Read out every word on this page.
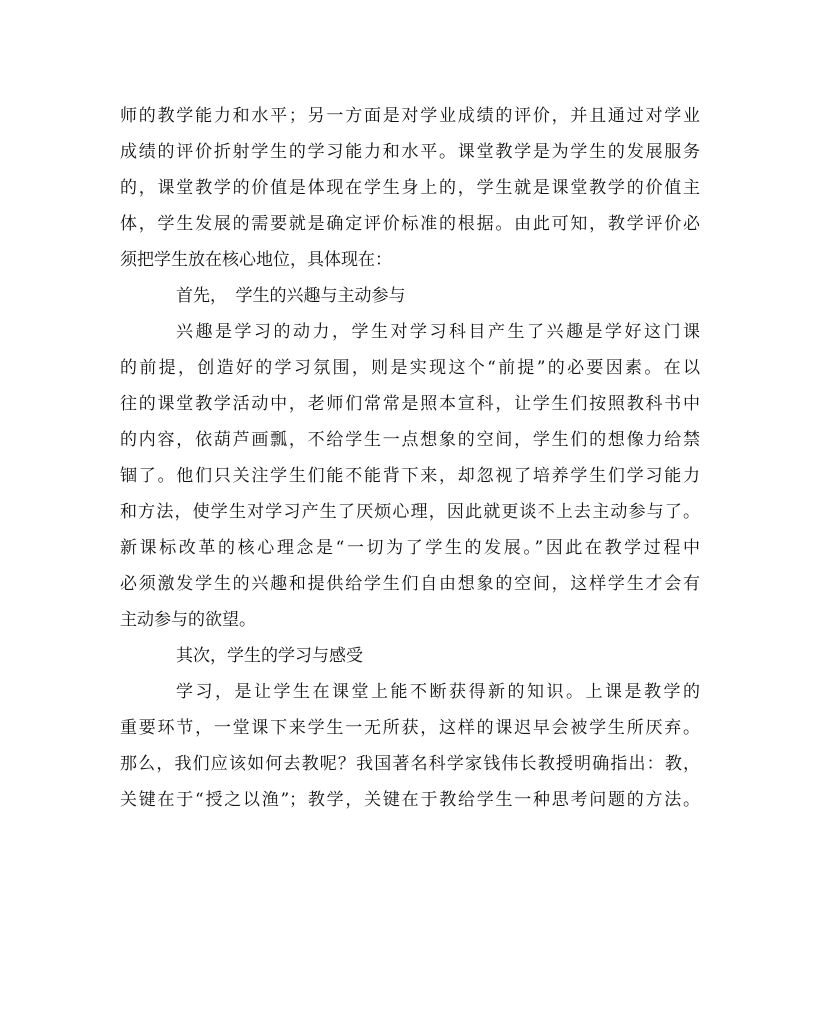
师的教学能力和水平；另一方面是对学业成绩的评价，并且通过对学业
成绩的评价折射学生的学习能力和水平。课堂教学是为学生的发展服务
的，课堂教学的价值是体现在学生身上的，学生就是课堂教学的价值主
体，学生发展的需要就是确定评价标准的根据。由此可知，教学评价必
须把学生放在核心地位，具体现在：
首先，　学生的兴趣与主动参与
兴趣是学习的动力，学生对学习科目产生了兴趣是学好这门课
的前提，创造好的学习氛围，则是实现这个“前提”的必要因素。在以
往的课堂教学活动中，老师们常常是照本宣科，让学生们按照教科书中
的内容，依葫芦画瓢，不给学生一点想象的空间，学生们的想像力给禁
锢了。他们只关注学生们能不能背下来，却忽视了培养学生们学习能力
和方法，使学生对学习产生了厌烦心理，因此就更谈不上去主动参与了。
新课标改革的核心理念是“一切为了学生的发展。”因此在教学过程中
必须激发学生的兴趣和提供给学生们自由想象的空间，这样学生才会有
主动参与的欲望。
其次，学生的学习与感受
学习，是让学生在课堂上能不断获得新的知识。上课是教学的
重要环节，一堂课下来学生一无所获，这样的课迟早会被学生所厌弃。
那么，我们应该如何去教呢？我国著名科学家钱伟长教授明确指出：教，
关键在于“授之以渔”；教学，关键在于教给学生一种思考问题的方法。
